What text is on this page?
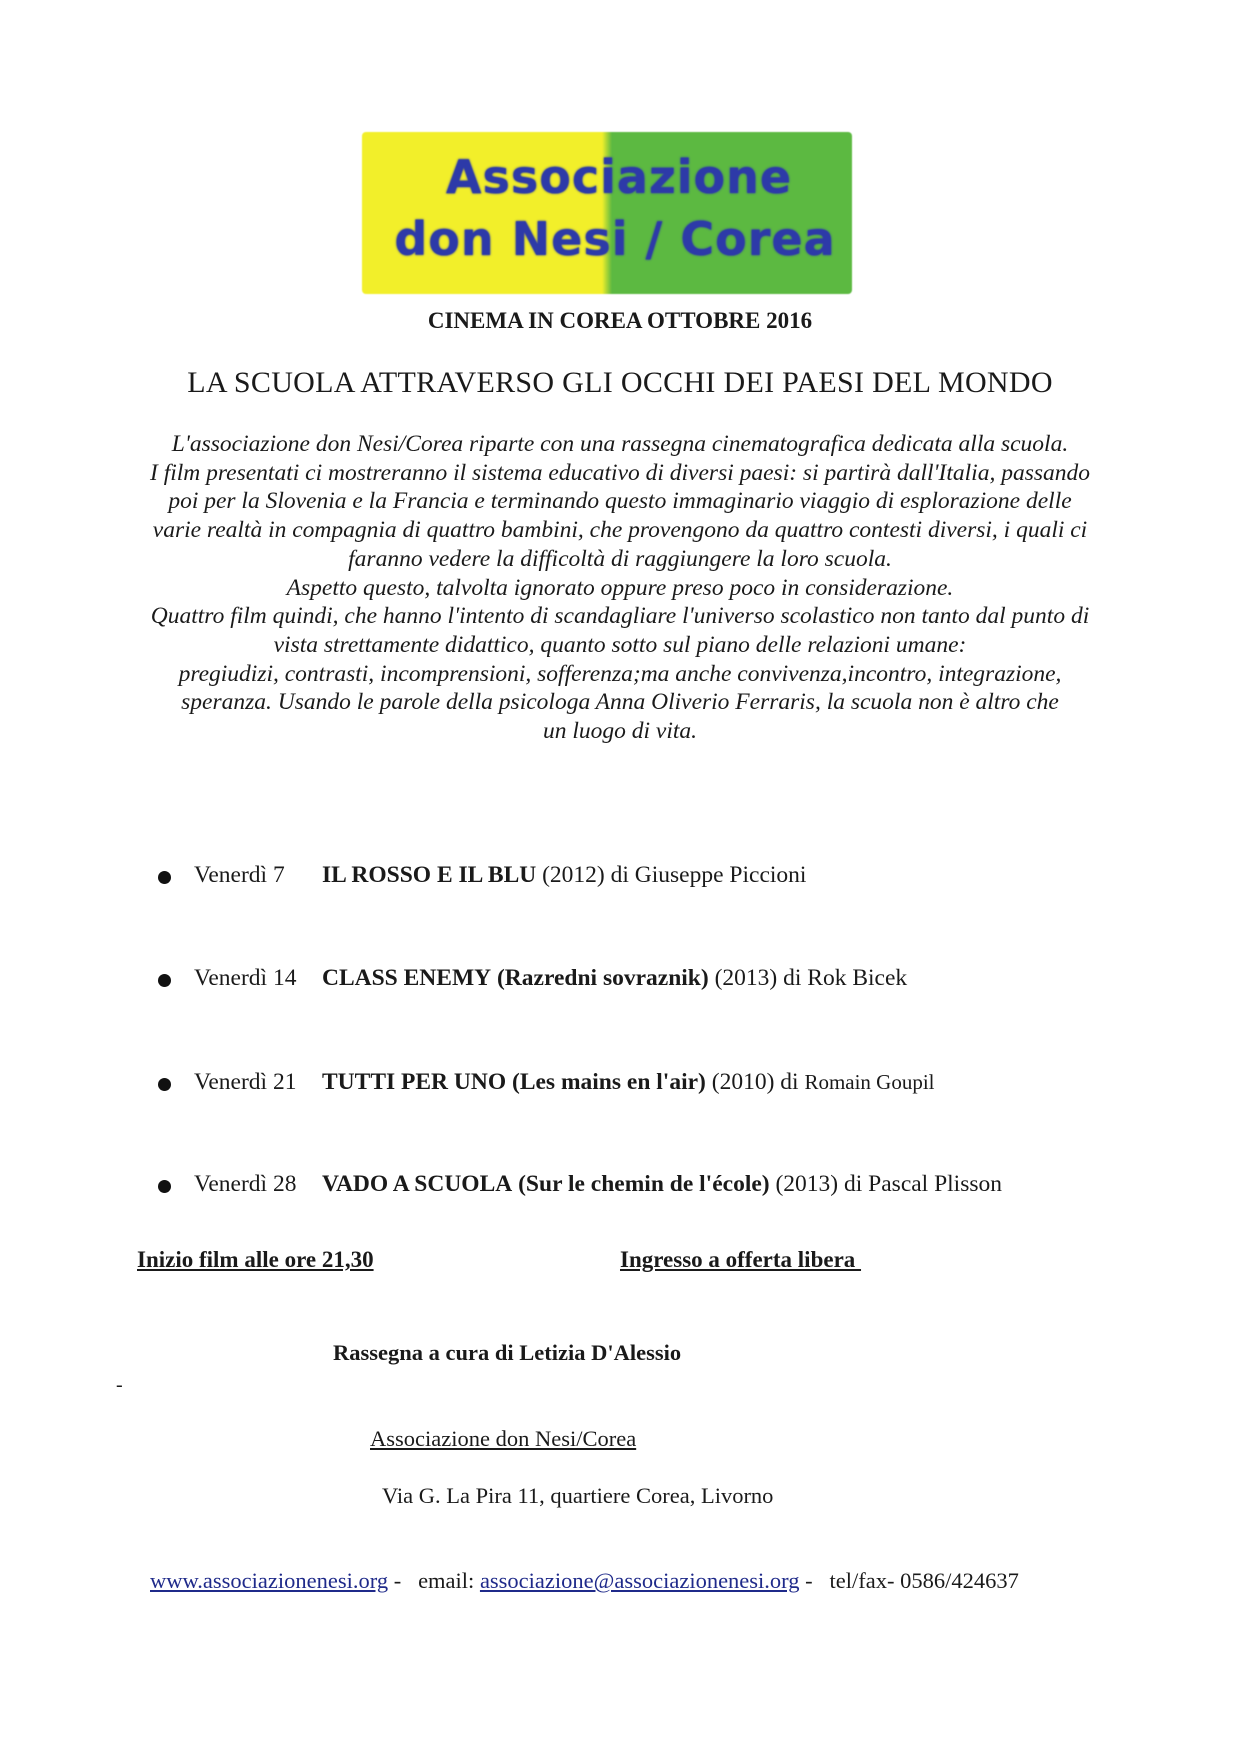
Associazione
don Nesi / Corea
CINEMA IN COREA OTTOBRE 2016
LA SCUOLA ATTRAVERSO GLI OCCHI DEI PAESI DEL MONDO
L'associazione don Nesi/Corea riparte con una rassegna cinematografica dedicata alla scuola.
I film presentati ci mostreranno il sistema educativo di diversi paesi: si partirà dall'Italia, passando
poi per la Slovenia e la Francia e terminando questo immaginario viaggio di esplorazione delle
varie realtà in compagnia di quattro bambini, che provengono da quattro contesti diversi, i quali ci
faranno vedere la difficoltà di raggiungere la loro scuola.
Aspetto questo, talvolta ignorato oppure preso poco in considerazione.
Quattro film quindi, che hanno l'intento di scandagliare l'universo scolastico non tanto dal punto di
vista strettamente didattico, quanto sotto sul piano delle relazioni umane:
pregiudizi, contrasti, incomprensioni, sofferenza;ma anche convivenza,incontro, integrazione,
speranza. Usando le parole della psicologa Anna Oliverio Ferraris, la scuola non è altro che
un luogo di vita.
Venerdì 7 IL ROSSO E IL BLU (2012) di Giuseppe Piccioni
Venerdì 14 CLASS ENEMY (Razredni sovraznik) (2013) di Rok Bicek
Venerdì 21 TUTTI PER UNO (Les mains en l'air) (2010) di Romain Goupil
Venerdì 28 VADO A SCUOLA (Sur le chemin de l'école) (2013) di Pascal Plisson
Inizio film alle ore 21,30	Ingresso a offerta libera
Rassegna a cura di Letizia D'Alessio
-
Associazione don Nesi/Corea
Via G. La Pira 11, quartiere Corea, Livorno
www.associazionenesi.org -   email: associazione@associazionenesi.org -   tel/fax- 0586/424637
